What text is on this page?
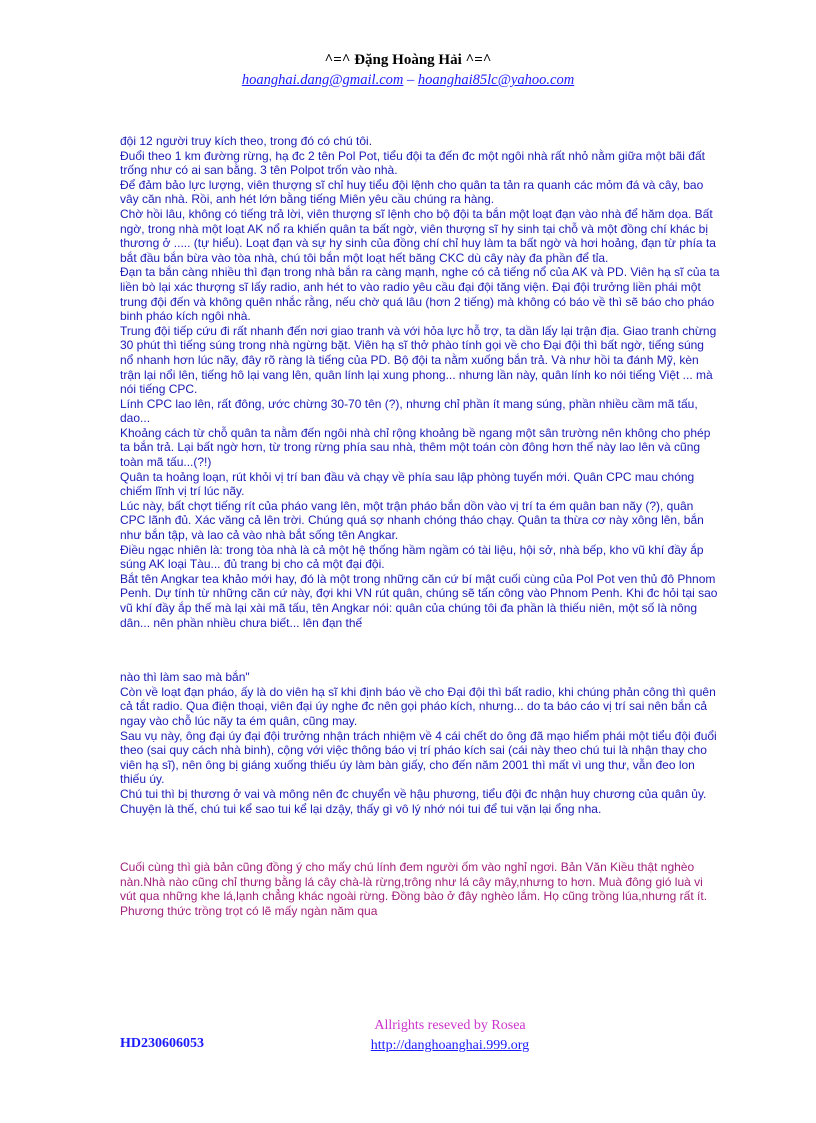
^=^ Đặng Hoàng Hải ^=^
hoanghai.dang@gmail.com – hoanghai85lc@yahoo.com

đội 12 người truy kích theo, trong đó có chú tôi.

Đuổi theo 1 km đường rừng, hạ đc 2 tên Pol Pot, tiểu đội ta đến đc một ngôi nhà rất nhỏ nằm giữa một bãi đất trống như có ai san bằng. 3 tên Polpot trốn vào nhà.

Để đảm bảo lực lượng, viên thượng sĩ chỉ huy tiểu đội lệnh cho quân ta tản ra quanh các mỏm đá và cây, bao vây căn nhà. Rồi, anh hét lớn bằng tiếng Miên yêu cầu chúng ra hàng.

Chờ hồi lâu, không có tiếng trả lời, viên thượng sĩ lệnh cho bộ đội ta bắn một loạt đạn vào nhà để hăm dọa. Bất ngờ, trong nhà một loạt AK nổ ra khiến quân ta bất ngờ, viên thượng sĩ hy sinh tại chỗ và một đồng chí khác bị thương ở ..... (tự hiểu). Loạt đạn và sự hy sinh của đồng chí chỉ huy làm ta bất ngờ và hơi hoảng, đạn từ phía ta bắt đầu bắn bừa vào tòa nhà, chú tôi bắn một loạt hết băng CKC dù cây này đa phần để tỉa.

Đạn ta bắn càng nhiều thì đạn trong nhà bắn ra càng mạnh, nghe có cả tiếng nổ của AK và PD. Viên hạ sĩ của ta liền bò lại xác thượng sĩ lấy radio, anh hét to vào radio yêu cầu đại đội tăng viện. Đại đội trưởng liền phái một trung đội đến và không quên nhắc rằng, nếu chờ quá lâu (hơn 2 tiếng) mà không có báo về thì sẽ báo cho pháo binh pháo kích ngôi nhà.

Trung đội tiếp cứu đi rất nhanh đến nơi giao tranh và với hỏa lực hỗ trợ, ta dần lấy lại trận địa. Giao tranh chừng 30 phút thì tiếng súng trong nhà ngừng bặt. Viên hạ sĩ thở phào tính gọi về cho Đại đội thì bất ngờ, tiếng súng nổ nhanh hơn lúc nãy, đây rõ ràng là tiếng của PD. Bộ đội ta nằm xuống bắn trả. Và như hồi ta đánh Mỹ, kèn trận lại nổi lên, tiếng hô lại vang lên, quân lính lại xung phong... nhưng lần này, quân lính ko nói tiếng Việt ... mà nói tiếng CPC.

Lính CPC lao lên, rất đông, ước chừng 30-70 tên (?), nhưng chỉ phần ít mang súng, phần nhiều cầm mã tấu, dao...

Khoảng cách từ chỗ quân ta nằm đến ngôi nhà chỉ rộng khoảng bề ngang một sân trường nên không cho phép ta bắn trả. Lại bất ngờ hơn, từ trong rừng phía sau nhà, thêm một toán còn đông hơn thế này lao lên và cũng toàn mã tấu...(?!)

Quân ta hoảng loạn, rút khỏi vị trí ban đầu và chạy về phía sau lập phòng tuyến mới. Quân CPC mau chóng chiếm lĩnh vị trí lúc nãy.

Lúc này, bất chợt tiếng rít của pháo vang lên, một trận pháo bắn dồn vào vị trí ta ém quân ban nãy (?), quân CPC lãnh đủ. Xác văng cả lên trời. Chúng quá sợ nhanh chóng tháo chạy. Quân ta thừa cơ này xông lên, bắn như bắn tập, và lao cả vào nhà bắt sống tên Angkar.

Điều ngạc nhiên là: trong tòa nhà là cả một hệ thống hầm ngầm có tài liệu, hội sở, nhà bếp, kho vũ khí đầy ắp súng AK loại Tàu... đủ trang bị cho cả một đại đội.

Bắt tên Angkar tea khảo mới hay, đó là một trong những căn cứ bí mật cuối cùng của Pol Pot ven thủ đô Phnom Penh. Dự tính từ những căn cứ này, đợi khi VN rút quân, chúng sẽ tấn công vào Phnom Penh. Khi đc hỏi tại sao vũ khí đầy ắp thế mà lại xài mã tấu, tên Angkar nói: quân của chúng tôi đa phần là thiếu niên, một số là nông dân... nên phần nhiều chưa biết... lên đạn thế

nào thì làm sao mà bắn"

Còn về loạt đạn pháo, ấy là do viên hạ sĩ khi định báo về cho Đại đội thì bất radio, khi chúng phản công thì quên cả tắt radio. Qua điện thoại, viên đại úy nghe đc nên gọi pháo kích, nhưng... do ta báo cáo vị trí sai nên bắn cả ngay vào chỗ lúc nãy ta ém quân, cũng may.

Sau vụ này, ông đại úy đại đội trưởng nhận trách nhiệm về 4 cái chết do ông đã mạo hiểm phái một tiểu đội đuổi theo (sai quy cách nhà binh), cộng với việc thông báo vị trí pháo kích sai (cái này theo chú tui là nhận thay cho viên hạ sĩ), nên ông bị giáng xuống thiếu úy làm bàn giấy, cho đến năm 2001 thì mất vì ung thư, vẫn đeo lon thiếu úy.

Chú tui thì bị thương ở vai và mông nên đc chuyển về hậu phương, tiểu đội đc nhận huy chương của quân ủy.

Chuyện là thế, chú tui kể sao tui kể lại dzậy, thấy gì vô lý nhớ nói tui để tui vặn lại ổng nha.

Cuối cùng thì già bản cũng đồng ý cho mấy chú lính đem người ốm vào nghỉ ngơi. Bản Văn Kiều thật nghèo nàn.Nhà nào cũng chỉ thưng bằng lá cây chà-là rừng,trông như lá cây mây,nhưng to hơn. Muà đông gió luà vi vút qua những khe lá,lạnh chẳng khác ngoài rừng. Đồng bào ở đây nghèo lắm. Họ cũng trồng lúa,nhưng rất ít. Phương thức trồng trọt có lẽ mấy ngàn năm qua

HD230606053
Allrights reseved by Rosea
http://danghoanghai.999.org
